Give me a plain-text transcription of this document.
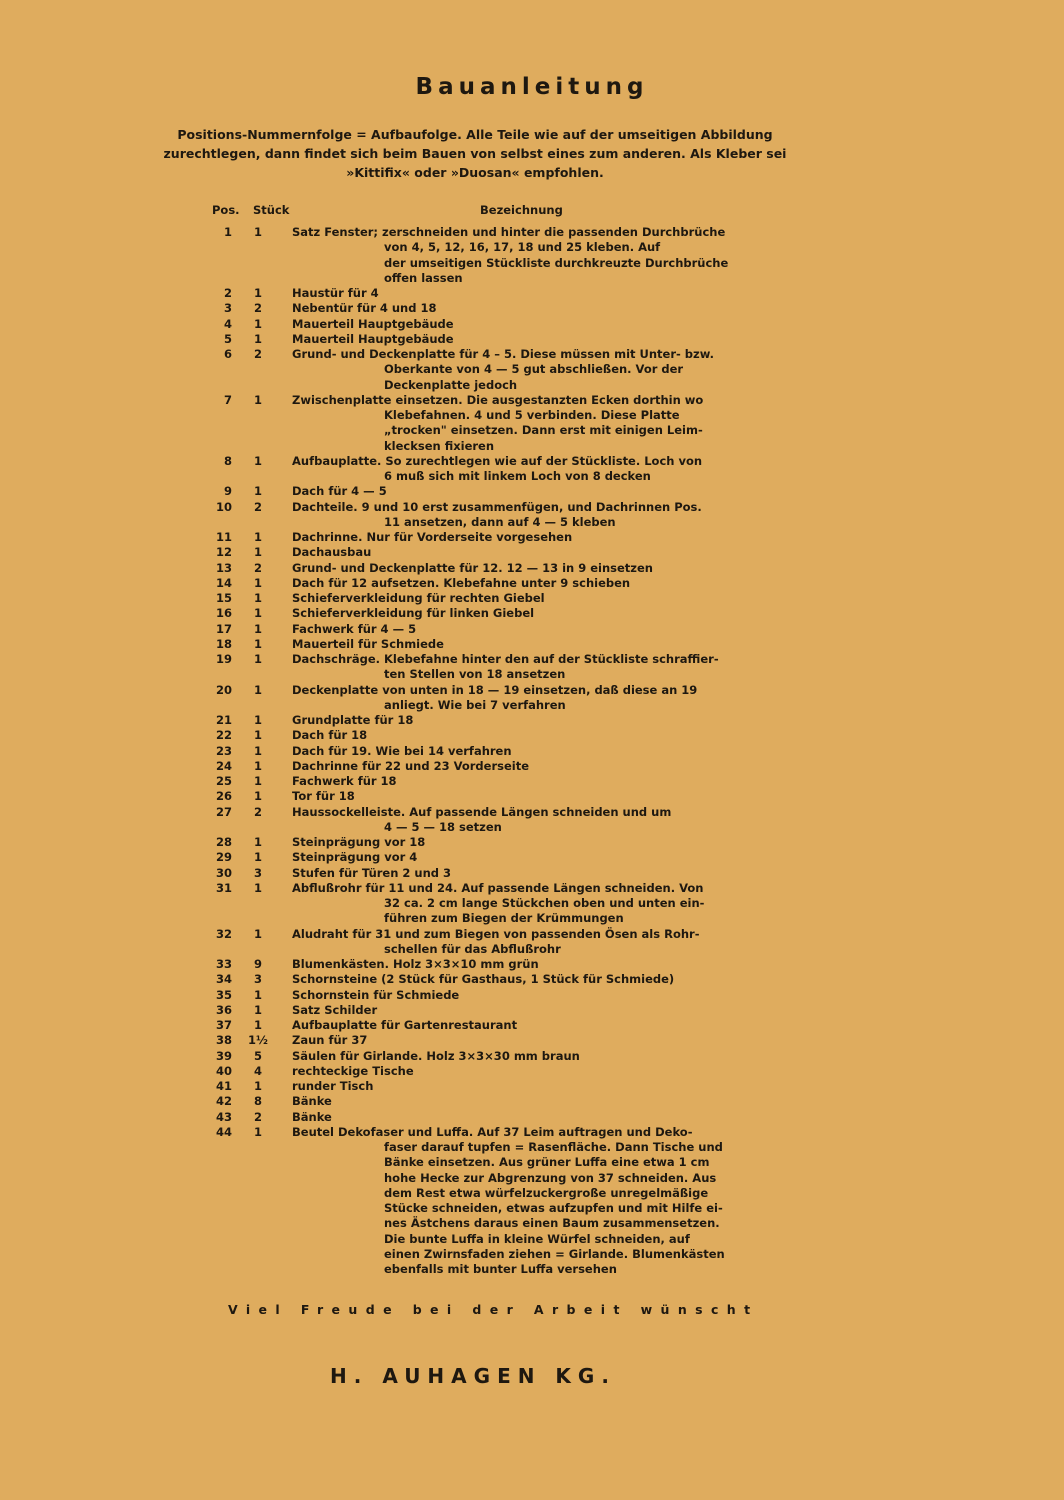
Bauanleitung
Positions-Nummernfolge = Aufbaufolge. Alle Teile wie auf der umseitigen Abbildung
zurechtlegen, dann findet sich beim Bauen von selbst eines zum anderen. Als Kleber sei
»Kittifix« oder »Duosan« empfohlen.
Pos. Stück	Bezeichnung
1	1	Satz Fenster; zerschneiden und hinter die passenden Durchbrüche
von 4, 5, 12, 16, 17, 18 und 25 kleben. Auf
der umseitigen Stückliste durchkreuzte Durchbrüche
offen lassen
2	1	Haustür für 4
3	2	Nebentür für 4 und 18
4	1	Mauerteil Hauptgebäude
5	1	Mauerteil Hauptgebäude
6	2	Grund- und Deckenplatte für 4 – 5. Diese müssen mit Unter- bzw.
Oberkante von 4 — 5 gut abschließen. Vor der
Deckenplatte jedoch
7	1	Zwischenplatte einsetzen. Die ausgestanzten Ecken dorthin wo
Klebefahnen. 4 und 5 verbinden. Diese Platte
„trocken" einsetzen. Dann erst mit einigen Leim-
klecksen fixieren
8	1	Aufbauplatte. So zurechtlegen wie auf der Stückliste. Loch von
6 muß sich mit linkem Loch von 8 decken
9	1	Dach für 4 — 5
10	2	Dachteile. 9 und 10 erst zusammenfügen, und Dachrinnen Pos.
11 ansetzen, dann auf 4 — 5 kleben
11	1	Dachrinne. Nur für Vorderseite vorgesehen
12	1	Dachausbau
13	2	Grund- und Deckenplatte für 12. 12 — 13 in 9 einsetzen
14	1	Dach für 12 aufsetzen. Klebefahne unter 9 schieben
15	1	Schieferverkleidung für rechten Giebel
16	1	Schieferverkleidung für linken Giebel
17	1	Fachwerk für 4 — 5
18	1	Mauerteil für Schmiede
19	1	Dachschräge. Klebefahne hinter den auf der Stückliste schraffier-
ten Stellen von 18 ansetzen
20	1	Deckenplatte von unten in 18 — 19 einsetzen, daß diese an 19
anliegt. Wie bei 7 verfahren
21	1	Grundplatte für 18
22	1	Dach für 18
23	1	Dach für 19. Wie bei 14 verfahren
24	1	Dachrinne für 22 und 23 Vorderseite
25	1	Fachwerk für 18
26	1	Tor für 18
27	2	Haussockelleiste. Auf passende Längen schneiden und um
4 — 5 — 18 setzen
28	1	Steinprägung vor 18
29	1	Steinprägung vor 4
30	3	Stufen für Türen 2 und 3
31	1	Abflußrohr für 11 und 24. Auf passende Längen schneiden. Von
32 ca. 2 cm lange Stückchen oben und unten ein-
führen zum Biegen der Krümmungen
32	1	Aludraht für 31 und zum Biegen von passenden Ösen als Rohr-
schellen für das Abflußrohr
33	9	Blumenkästen. Holz 3×3×10 mm grün
34	3	Schornsteine (2 Stück für Gasthaus, 1 Stück für Schmiede)
35	1	Schornstein für Schmiede
36	1	Satz Schilder
37	1	Aufbauplatte für Gartenrestaurant
38 1½ Zaun für 37
39	5	Säulen für Girlande. Holz 3×3×30 mm braun
40	4	rechteckige Tische
41	1	runder Tisch
42	8	Bänke
43	2	Bänke
44	1	Beutel Dekofaser und Luffa. Auf 37 Leim auftragen und Deko-
faser darauf tupfen = Rasenfläche. Dann Tische und
Bänke einsetzen. Aus grüner Luffa eine etwa 1 cm
hohe Hecke zur Abgrenzung von 37 schneiden. Aus
dem Rest etwa würfelzuckergroße unregelmäßige
Stücke schneiden, etwas aufzupfen und mit Hilfe ei-
nes Ästchens daraus einen Baum zusammensetzen.
Die bunte Luffa in kleine Würfel schneiden, auf
einen Zwirnsfaden ziehen = Girlande. Blumenkästen
ebenfalls mit bunter Luffa versehen
Viel Freude bei der Arbeit wünscht
H. AUHAGEN KG.
